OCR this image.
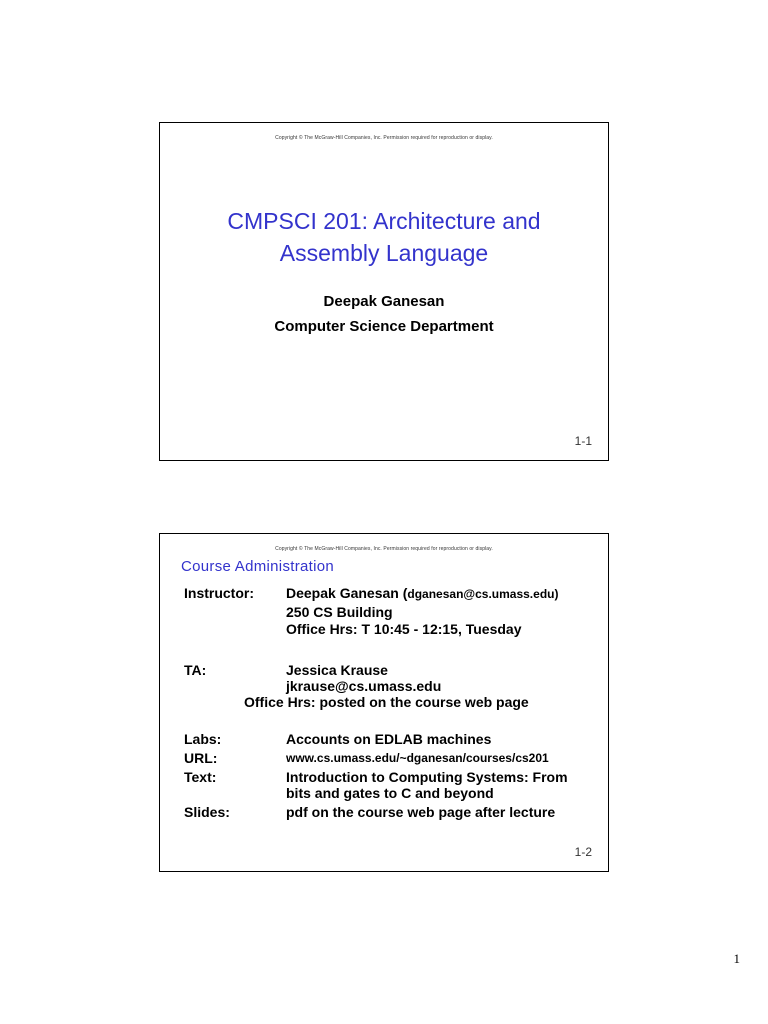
Copyright © The McGraw-Hill Companies, Inc. Permission required for reproduction or display.
CMPSCI 201: Architecture and
Assembly Language
Deepak Ganesan
Computer Science Department
1-1
Copyright © The McGraw-Hill Companies, Inc. Permission required for reproduction or display.
Course Administration
Instructor: Deepak Ganesan (dganesan@cs.umass.edu)
250 CS Building
Office Hrs: T 10:45 - 12:15, Tuesday
TA:	Jessica Krause
jkrause@cs.umass.edu
Office Hrs: posted on the course web page
Labs:	Accounts on EDLAB machines
URL:	www.cs.umass.edu/~dganesan/courses/cs201
Text:	Introduction to Computing Systems: From
bits and gates to C and beyond
Slides:	pdf on the course web page after lecture
1-2
1
